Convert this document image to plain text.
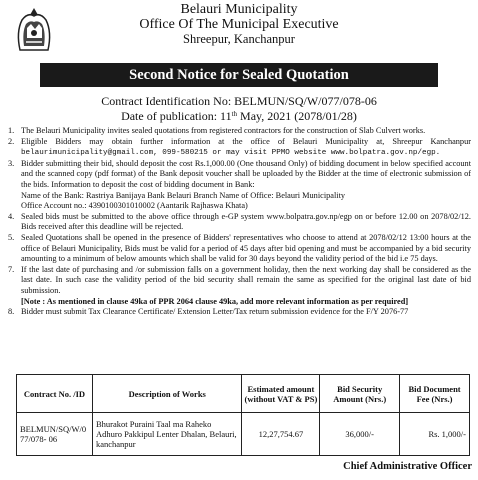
Belauri Municipality
Office Of The Municipal Executive
Shreepur, Kanchanpur
Second Notice for Sealed Quotation
Contract Identification No: BELMUN/SQ/W/077/078-06
Date of publication: 11th May, 2021 (2078/01/28)
1. The Belauri Municipality invites sealed quotations from registered contractors for the construction of Slab Culvert works.
2. Eligible Bidders may obtain further information at the office of Belauri Municipality at, Shreepur Kanchanpur belaurimunicipality@gmail.com, 099-580215 or may visit PPMO website www.bolpatra.gov.np/egp.
3. Bidder submitting their bid, should deposit the cost Rs.1,000.00 (One thousand Only) of bidding document in below specified account and the scanned copy (pdf format) of the Bank deposit voucher shall be uploaded by the Bidder at the time of electronic submission of the bids. Information to deposit the cost of bidding document in Bank:
Name of the Bank: Rastriya Banijaya Bank Belauri Branch Name of Office: Belauri Municipality
Office Account no.: 4390100301010002 (Aantarik Rajhaswa Khata)
4. Sealed bids must be submitted to the above office through e-GP system www.bolpatra.gov.np/egp on or before 12.00 on 2078/02/12. Bids received after this deadline will be rejected.
5. Sealed Quotations shall be opened in the presence of Bidders' representatives who choose to attend at 2078/02/12 13:00 hours at the office of Belauri Municipality, Bids must be valid for a period of 45 days after bid opening and must be accompanied by a bid security amounting to a minimum of below amounts which shall be valid for 30 days beyond the validity period of the bid i.e 75 days.
7. If the last date of purchasing and /or submission falls on a government holiday, then the next working day shall be considered as the last date. In such case the validity period of the bid security shall remain the same as specified for the original last date of bid submission.
[Note : As mentioned in clause 49ka of PPR 2064 clause 49ka, add more relevant information as per required]
8. Bidder must submit Tax Clearance Certificate/ Extension Letter/Tax return submission evidence for the F/Y 2076-77
Contract No. /ID	Description of Works	Estimated amount (without VAT & PS)	Bid Security Amount (Nrs.)	Bid Document Fee (Nrs.)
BELMUN/SQ/W/0 77/078- 06	Bhurakot Puraini Taal ma Raheko Adhuro Pakkipul Lenter Dhalan, Belauri, kanchanpur	12,27,754.67	36,000/-	Rs. 1,000/-
Chief Administrative Officer
